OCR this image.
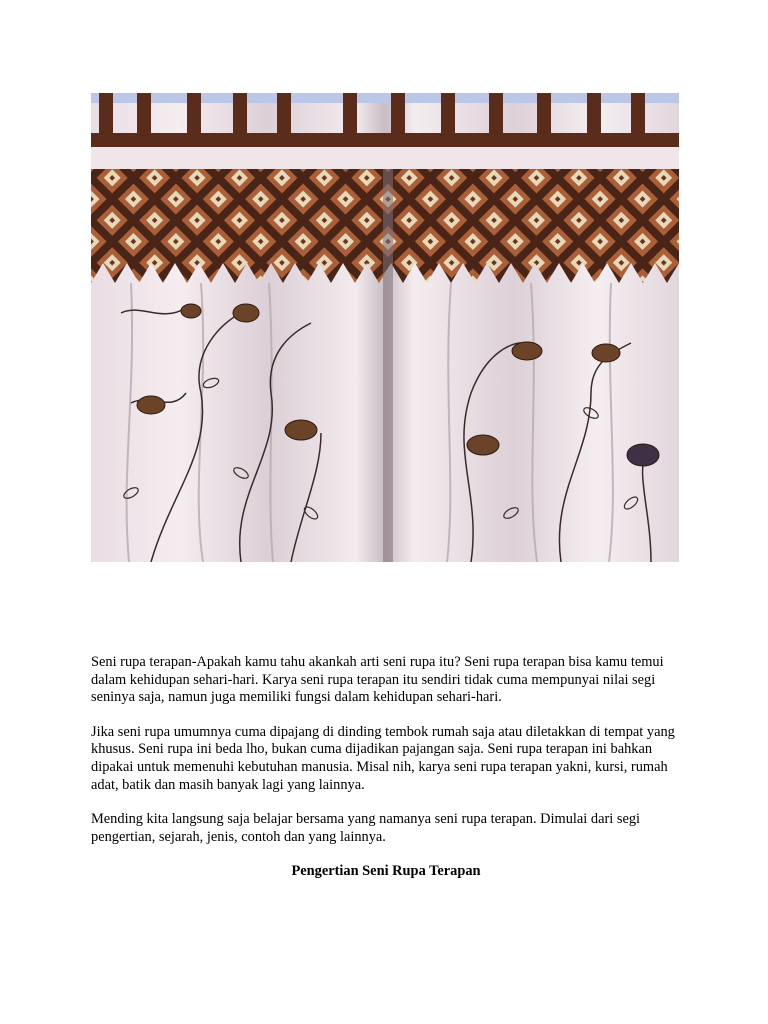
Seni rupa terapan-Apakah kamu tahu akankah arti seni rupa itu? Seni rupa terapan bisa kamu temui dalam kehidupan sehari-hari. Karya seni rupa terapan itu sendiri tidak cuma mempunyai nilai segi seninya saja, namun juga memiliki fungsi dalam kehidupan sehari-hari.

Jika seni rupa umumnya cuma dipajang di dinding tembok rumah saja atau diletakkan di tempat yang khusus. Seni rupa ini beda lho, bukan cuma dijadikan pajangan saja. Seni rupa terapan ini bahkan dipakai untuk memenuhi kebutuhan manusia. Misal nih, karya seni rupa terapan yakni, kursi, rumah adat, batik dan masih banyak lagi yang lainnya.

Mending kita langsung saja belajar bersama yang namanya seni rupa terapan. Dimulai dari segi pengertian, sejarah, jenis, contoh dan yang lainnya.

Pengertian Seni Rupa Terapan
